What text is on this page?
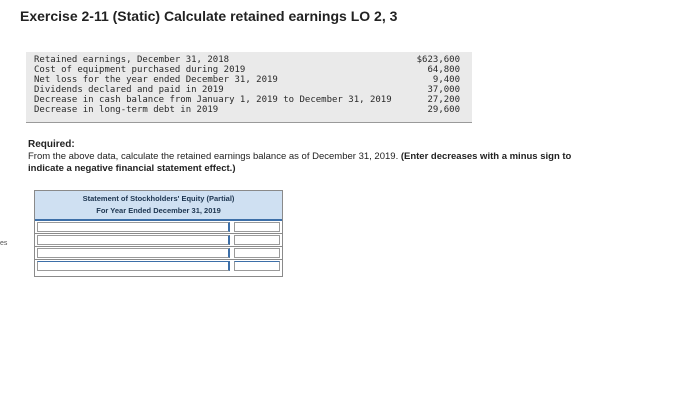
Exercise 2-11 (Static) Calculate retained earnings LO 2, 3
Retained earnings, December 31, 2018	$623,600
Cost of equipment purchased during 2019	64,800
Net loss for the year ended December 31, 2019	9,400
Dividends declared and paid in 2019	37,000
Decrease in cash balance from January 1, 2019 to December 31, 2019	27,200
Decrease in long-term debt in 2019	29,600
Required:
From the above data, calculate the retained earnings balance as of December 31, 2019. (Enter decreases with a minus sign to
indicate a negative financial statement effect.)
Statement of Stockholders' Equity (Partial)
For Year Ended December 31, 2019
es
